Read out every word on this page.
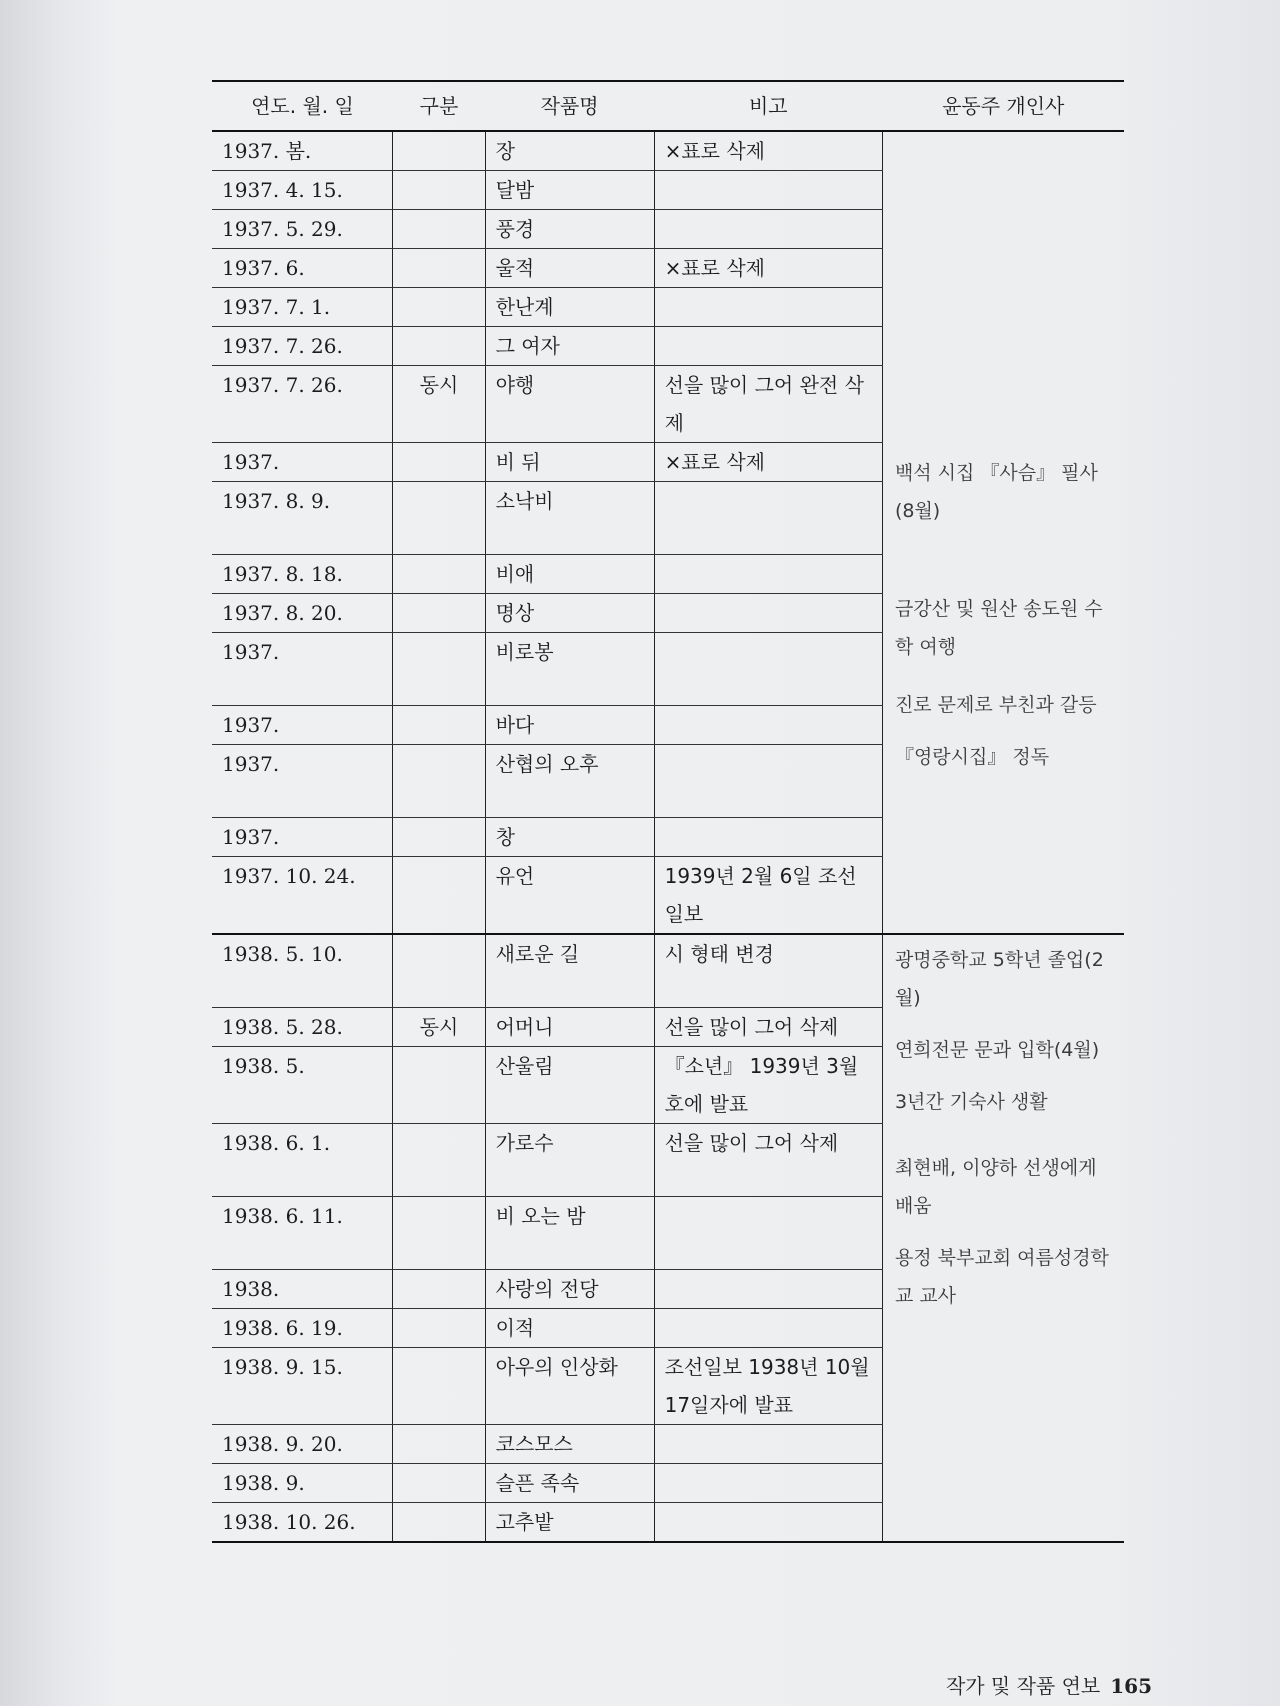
연도. 월. 일	구분	작품명	비고	윤동주 개인사
1937. 봄.		장	×표로 삭제	백석 시집 『사슴』 필사 (8월)
금강산 및 원산 송도원 수학 여행
진로 문제로 부친과 갈등
『영랑시집』 정독

1937. 4. 15.		달밤		
1937. 5. 29.		풍경		
1937. 6.		울적	×표로 삭제	
1937. 7. 1.		한난계		
1937. 7. 26.		그 여자		
1937. 7. 26.	동시	야행	선을 많이 그어 완전 삭제	
1937.		비 뒤	×표로 삭제	
1937. 8. 9.		소낙비		
1937. 8. 18.		비애		
1937. 8. 20.		명상		
1937.		비로봉		
1937.		바다		
1937.		산협의 오후		
1937.		창		
1937. 10. 24.		유언	1939년 2월 6일 조선일보	
1938. 5. 10.		새로운 길	시 형태 변경	광명중학교 5학년 졸업(2월)
연희전문 문과 입학(4월)
3년간 기숙사 생활
최현배, 이양하 선생에게 배움
용정 북부교회 여름성경학교 교사

1938. 5. 28.	동시	어머니	선을 많이 그어 삭제	
1938. 5.		산울림	『소년』 1939년 3월호에 발표	
1938. 6. 1.		가로수	선을 많이 그어 삭제	
1938. 6. 11.		비 오는 밤		
1938.		사랑의 전당		
1938. 6. 19.		이적		
1938. 9. 15.		아우의 인상화	조선일보 1938년 10월 17일자에 발표	
1938. 9. 20.		코스모스		
1938. 9.		슬픈 족속		
1938. 10. 26.		고추밭		
작가 및 작품 연보 165
